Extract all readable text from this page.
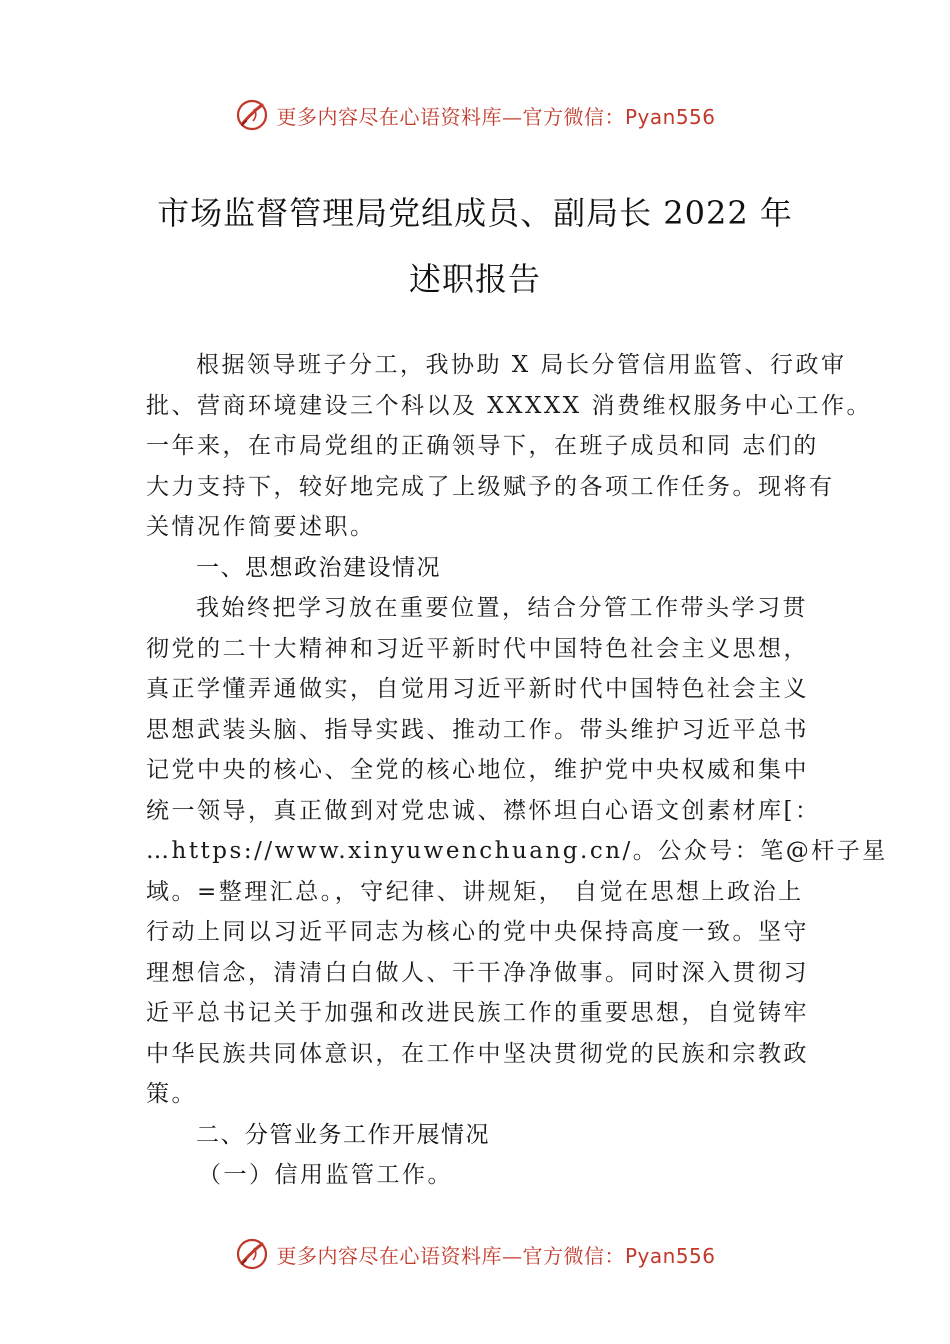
更多内容尽在心语资料库—官方微信：Pyan556
市场监督管理局党组成员、副局长 2022 年
述职报告
根据领导班子分工，我协助 X 局长分管信用监管、行政审
批、营商环境建设三个科以及 XXXXX 消费维权服务中心工作。
一年来，在市局党组的正确领导下，在班子成员和同 志们的
大力支持下，较好地完成了上级赋予的各项工作任务。现将有
关情况作简要述职。
一、思想政治建设情况
我始终把学习放在重要位置，结合分管工作带头学习贯
彻党的二十大精神和习近平新时代中国特色社会主义思想，
真正学懂弄通做实，自觉用习近平新时代中国特色社会主义
思想武装头脑、指导实践、推动工作。带头维护习近平总书
记党中央的核心、全党的核心地位，维护党中央权威和集中
统一领导，真正做到对党忠诚、襟怀坦白心语文创素材库[：
…https://www.xinyuwenchuang.cn/。公众号：笔@杆子星
域。=整理汇总。，守纪律、讲规矩， 自觉在思想上政治上
行动上同以习近平同志为核心的党中央保持高度一致。坚守
理想信念，清清白白做人、干干净净做事。同时深入贯彻习
近平总书记关于加强和改进民族工作的重要思想，自觉铸牢
中华民族共同体意识，在工作中坚决贯彻党的民族和宗教政
策。
二、分管业务工作开展情况
（一）信用监管工作。
更多内容尽在心语资料库—官方微信：Pyan556
